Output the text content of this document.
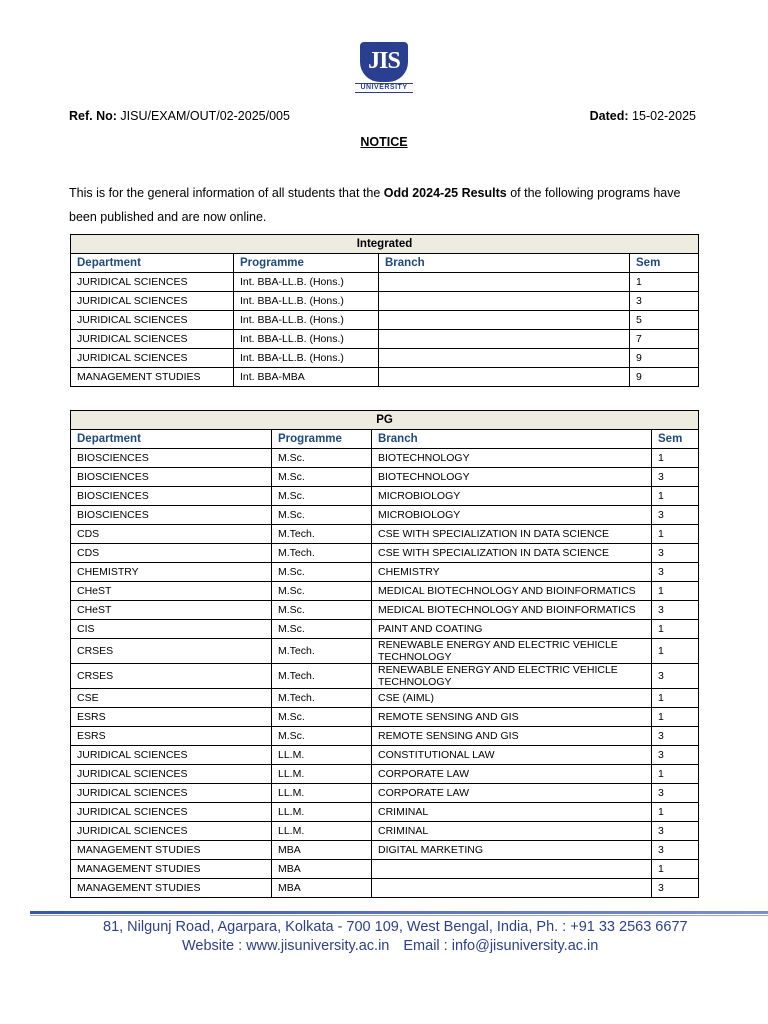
JIS
UNIVERSITY
Ref. No: JISU/EXAM/OUT/02-2025/005	Dated: 15-02-2025
NOTICE
This is for the general information of all students that the Odd 2024-25 Results of the following programs have been published and are now online.
Integrated			
Department	Programme	Branch	Sem
JURIDICAL SCIENCES	Int. BBA-LL.B. (Hons.)		1
JURIDICAL SCIENCES	Int. BBA-LL.B. (Hons.)		3
JURIDICAL SCIENCES	Int. BBA-LL.B. (Hons.)		5
JURIDICAL SCIENCES	Int. BBA-LL.B. (Hons.)		7
JURIDICAL SCIENCES	Int. BBA-LL.B. (Hons.)		9
MANAGEMENT STUDIES	Int. BBA-MBA		9
PG			
Department	Programme	Branch	Sem
BIOSCIENCES	M.Sc.	BIOTECHNOLOGY	1
BIOSCIENCES	M.Sc.	BIOTECHNOLOGY	3
BIOSCIENCES	M.Sc.	MICROBIOLOGY	1
BIOSCIENCES	M.Sc.	MICROBIOLOGY	3
CDS	M.Tech.	CSE WITH SPECIALIZATION IN DATA SCIENCE	1
CDS	M.Tech.	CSE WITH SPECIALIZATION IN DATA SCIENCE	3
CHEMISTRY	M.Sc.	CHEMISTRY	3
CHeST	M.Sc.	MEDICAL BIOTECHNOLOGY AND BIOINFORMATICS	1
CHeST	M.Sc.	MEDICAL BIOTECHNOLOGY AND BIOINFORMATICS	3
CIS	M.Sc.	PAINT AND COATING	1
CRSES	M.Tech.	RENEWABLE ENERGY AND ELECTRIC VEHICLE TECHNOLOGY	1
CRSES	M.Tech.	RENEWABLE ENERGY AND ELECTRIC VEHICLE TECHNOLOGY	3
CSE	M.Tech.	CSE (AIML)	1
ESRS	M.Sc.	REMOTE SENSING AND GIS	1
ESRS	M.Sc.	REMOTE SENSING AND GIS	3
JURIDICAL SCIENCES	LL.M.	CONSTITUTIONAL LAW	3
JURIDICAL SCIENCES	LL.M.	CORPORATE LAW	1
JURIDICAL SCIENCES	LL.M.	CORPORATE LAW	3
JURIDICAL SCIENCES	LL.M.	CRIMINAL	1
JURIDICAL SCIENCES	LL.M.	CRIMINAL	3
MANAGEMENT STUDIES	MBA	DIGITAL MARKETING	3
MANAGEMENT STUDIES	MBA		1
MANAGEMENT STUDIES	MBA		3
81, Nilgunj Road, Agarpara, Kolkata - 700 109, West Bengal, India, Ph. : +91 33 2563 6677
Website : www.jisuniversity.ac.in Email : info@jisuniversity.ac.in
